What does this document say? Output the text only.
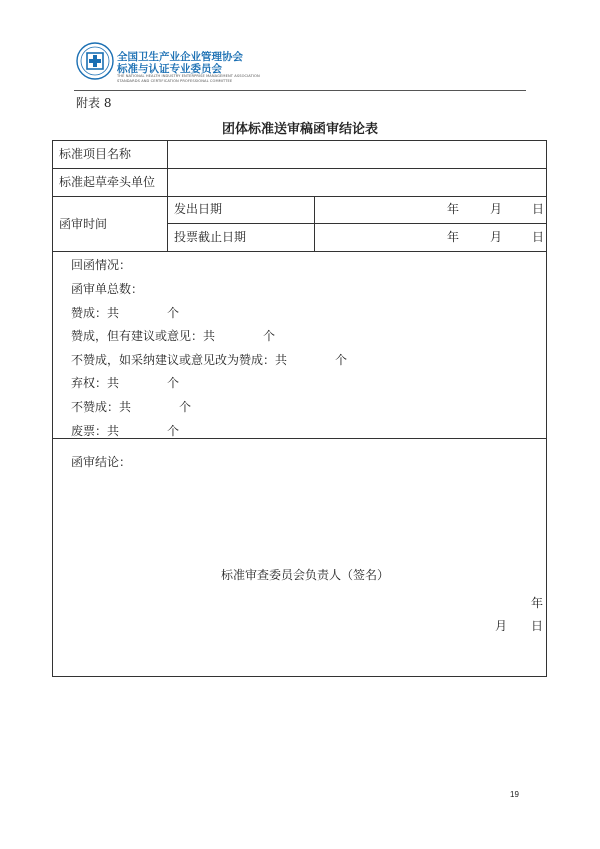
全国卫生产业企业管理协会
标准与认证专业委员会
THE NATIONAL HEALTH INDUSTRY ENTERPRISE MANAGEMENT ASSOCIATION
STANDARDS AND CERTIFICATION PROFESSIONAL COMMITTEE
附表 8
团体标准送审稿函审结论表
标准项目名称
标准起草牵头单位
函审时间
发出日期	年	月 日
投票截止日期	年	月 日
回函情况：
函审单总数：
赞成：共　　　　个
赞成，但有建议或意见：共　　　　个
不赞成，如采纳建议或意见改为赞成：共　　　　个
弃权：共　　　　个
不赞成：共　　　　个
废票：共　　　　个
函审结论：
标准审查委员会负责人（签名）
年
月　　日
19
